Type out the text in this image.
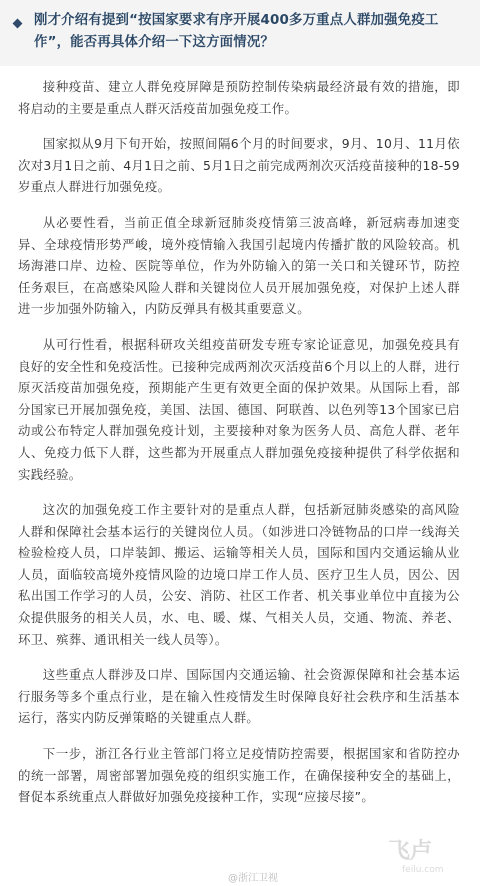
刚才介绍有提到“按国家要求有序开展400多万重点人群加强免疫工作”，能否再具体介绍一下这方面情况？

接种疫苗、建立人群免疫屏障是预防控制传染病最经济最有效的措施，即将启动的主要是重点人群灭活疫苗加强免疫工作。

国家拟从9月下旬开始，按照间隔6个月的时间要求，9月、10月、11月依次对3月1日之前、4月1日之前、5月1日之前完成两剂次灭活疫苗接种的18-59岁重点人群进行加强免疫。

从必要性看，当前正值全球新冠肺炎疫情第三波高峰，新冠病毒加速变异、全球疫情形势严峻，境外疫情输入我国引起境内传播扩散的风险较高。机场海港口岸、边检、医院等单位，作为外防输入的第一关口和关键环节，防控任务艰巨，在高感染风险人群和关键岗位人员开展加强免疫，对保护上述人群进一步加强外防输入，内防反弹具有极其重要意义。

从可行性看，根据科研攻关组疫苗研发专班专家论证意见，加强免疫具有良好的安全性和免疫活性。已接种完成两剂次灭活疫苗6个月以上的人群，进行原灭活疫苗加强免疫，预期能产生更有效更全面的保护效果。从国际上看，部分国家已开展加强免疫，美国、法国、德国、阿联酋、以色列等13个国家已启动或公布特定人群加强免疫计划，主要接种对象为医务人员、高危人群、老年人、免疫力低下人群，这些都为开展重点人群加强免疫接种提供了科学依据和实践经验。

这次的加强免疫工作主要针对的是重点人群，包括新冠肺炎感染的高风险人群和保障社会基本运行的关键岗位人员。（如涉进口冷链物品的口岸一线海关检验检疫人员，口岸装卸、搬运、运输等相关人员，国际和国内交通运输从业人员，面临较高境外疫情风险的边境口岸工作人员、医疗卫生人员，因公、因私出国工作学习的人员，公安、消防、社区工作者、机关事业单位中直接为公众提供服务的相关人员，水、电、暖、煤、气相关人员，交通、物流、养老、环卫、殡葬、通讯相关一线人员等）。

这些重点人群涉及口岸、国际国内交通运输、社会资源保障和社会基本运行服务等多个重点行业，是在输入性疫情发生时保障良好社会秩序和生活基本运行，落实内防反弹策略的关键重点人群。

下一步，浙江各行业主管部门将立足疫情防控需要，根据国家和省防控办的统一部署，周密部署加强免疫的组织实施工作，在确保接种安全的基础上，督促本系统重点人群做好加强免疫接种工作，实现“应接尽接”。

@浙江卫视
飞卢
feilu.com
